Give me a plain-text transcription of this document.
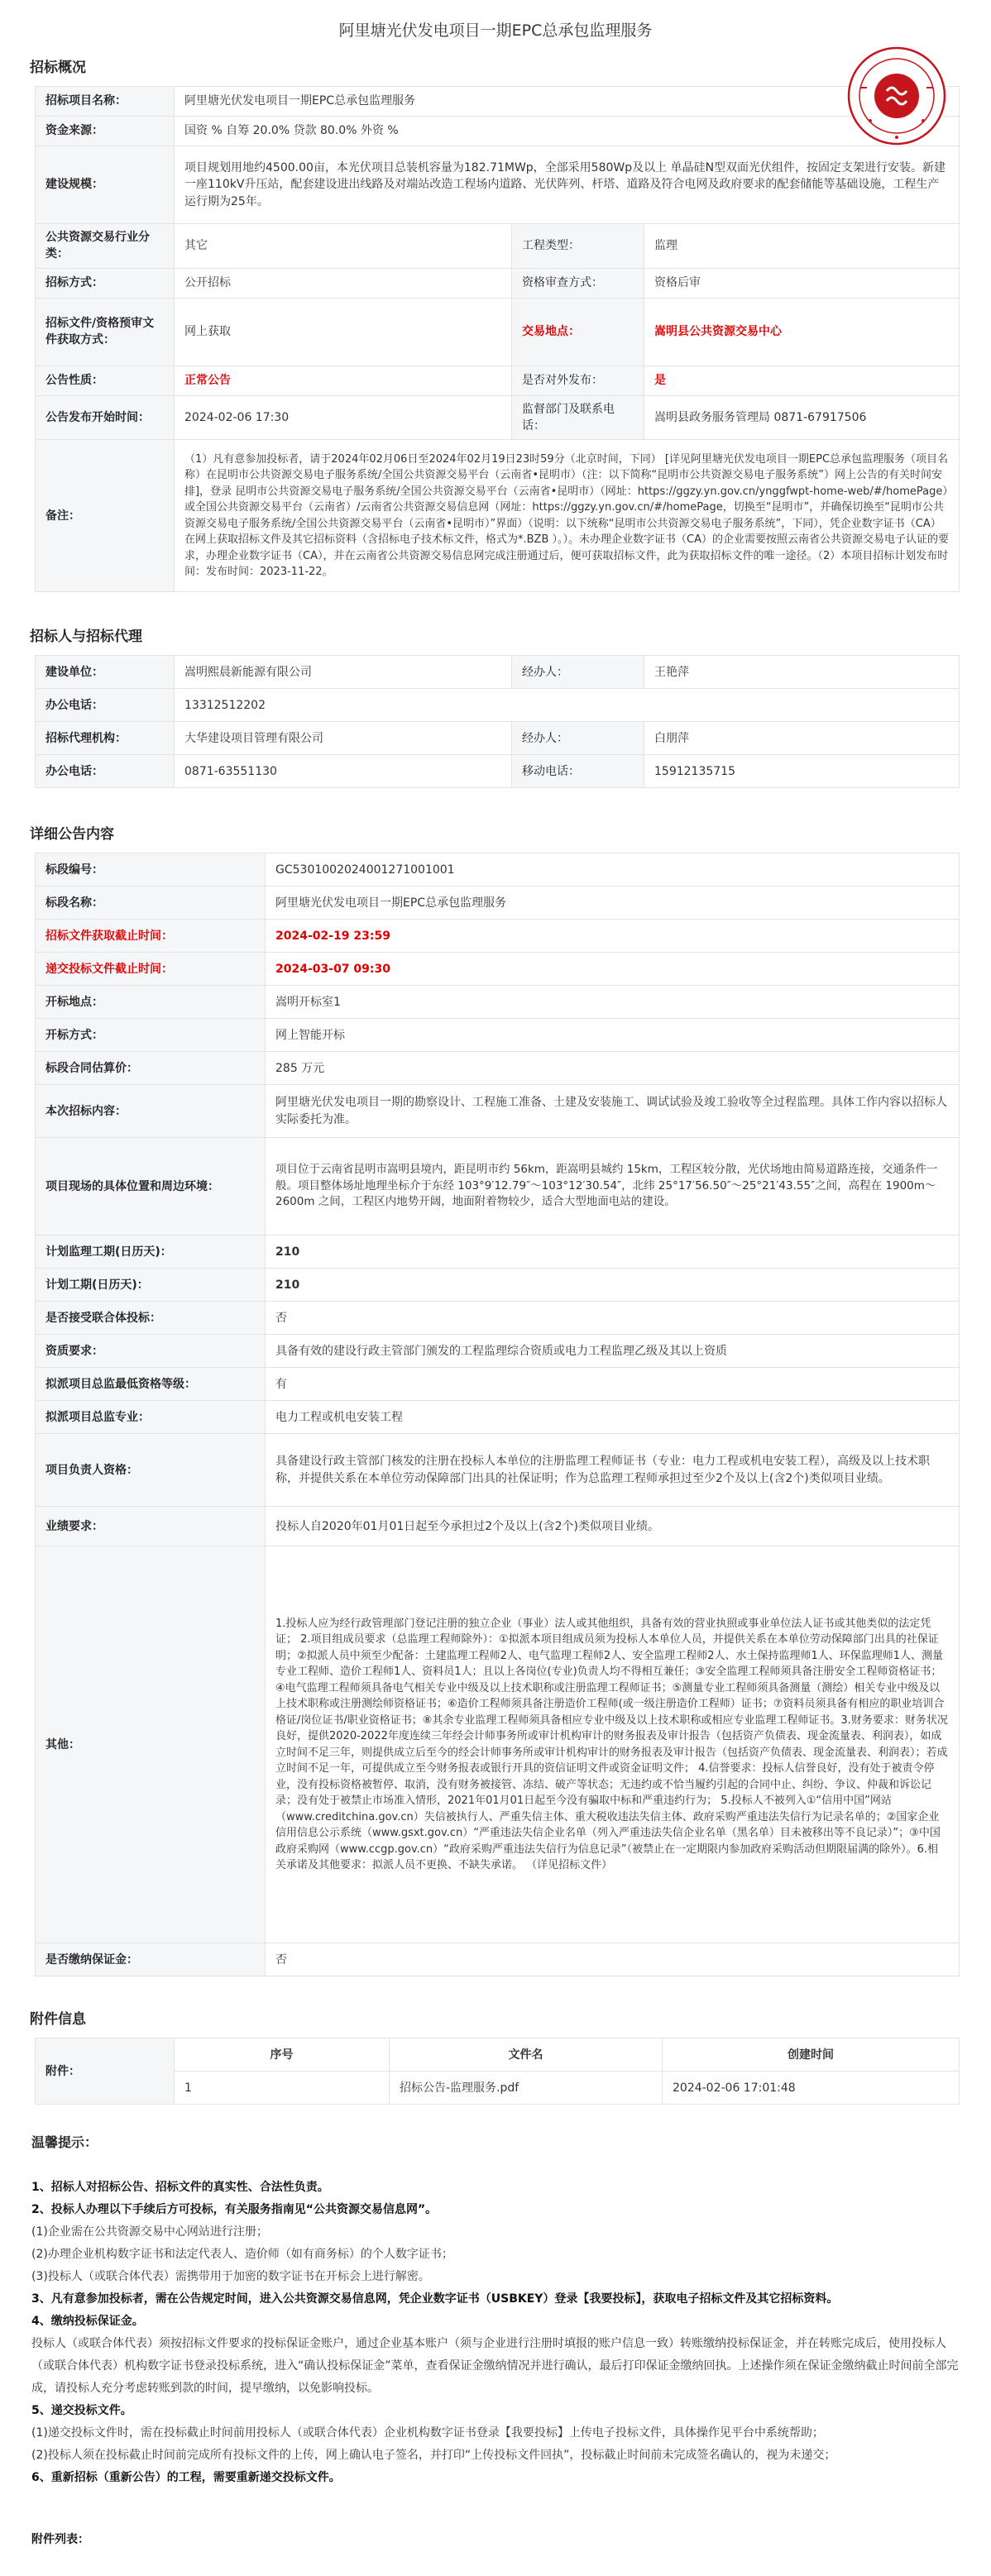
阿里塘光伏发电项目一期EPC总承包监理服务
招标概况
招标项目名称：	阿里塘光伏发电项目一期EPC总承包监理服务		
资金来源：	国资 % 自筹 20.0% 贷款 80.0% 外资 %		
建设规模：	项目规划用地约4500.00亩，本光伏项目总装机容量为182.71MWp，全部采用580Wp及以上 单晶硅N型双面光伏组件，按固定支架进行安装。新建一座110kV升压站，配套建设进出线路及对端站改造工程场内道路、光伏阵列、杆塔、道路及符合电网及政府要求的配套储能等基础设施，工程生产运行期为25年。		
公共资源交易行业分类：	其它	工程类型：	监理
招标方式：	公开招标	资格审查方式：	资格后审
招标文件/资格预审文件获取方式：	网上获取	交易地点：	嵩明县公共资源交易中心
公告性质：	正常公告	是否对外发布：	是
公告发布开始时间：	2024-02-06 17:30	监督部门及联系电话：	嵩明县政务服务管理局 0871-67917506
备注：	（1）凡有意参加投标者，请于2024年02月06日至2024年02月19日23时59分（北京时间，下同） [详见阿里塘光伏发电项目一期EPC总承包监理服务（项目名称）在昆明市公共资源交易电子服务系统/全国公共资源交易平台（云南省•昆明市）（注：以下简称“昆明市公共资源交易电子服务系统”）网上公告的有关时间安排]，登录 昆明市公共资源交易电子服务系统/全国公共资源交易平台（云南省•昆明市）（网址：https://ggzy.yn.gov.cn/ynggfwpt-home-web/#/homePage）或全国公共资源交易平台（云南省）/云南省公共资源交易信息网（网址：https://ggzy.yn.gov.cn/#/homePage，切换至“昆明市”，并确保切换至“昆明市公共资源交易电子服务系统/全国公共资源交易平台（云南省•昆明市）”界面）（说明：以下统称“昆明市公共资源交易电子服务系统”，下同），凭企业数字证书（CA）在网上获取招标文件及其它招标资料（含招标电子技术标文件，格式为*.BZB ）。）。未办理企业数字证书（CA）的企业需要按照云南省公共资源交易电子认证的要求，办理企业数字证书（CA），并在云南省公共资源交易信息网完成注册通过后，便可获取招标文件，此为获取招标文件的唯一途径。（2）本项目招标计划发布时间：发布时间：2023-11-22。		
招标人与招标代理
建设单位：	嵩明熙晨新能源有限公司	经办人：	王艳萍
办公电话：	13312512202		
招标代理机构：	大华建设项目管理有限公司	经办人：	白朋萍
办公电话：	0871-63551130	移动电话：	15912135715
详细公告内容
标段编号：	GC5301002024001271001001
标段名称：	阿里塘光伏发电项目一期EPC总承包监理服务
招标文件获取截止时间：	2024-02-19 23:59
递交投标文件截止时间：	2024-03-07 09:30
开标地点：	嵩明开标室1
开标方式：	网上智能开标
标段合同估算价：	285 万元
本次招标内容：	阿里塘光伏发电项目一期的勘察设计、工程施工准备、土建及安装施工、调试试验及竣工验收等全过程监理。具体工作内容以招标人实际委托为准。
项目现场的具体位置和周边环境：	项目位于云南省昆明市嵩明县境内，距昆明市约 56km，距嵩明县城约 15km，工程区较分散，光伏场地由简易道路连接，交通条件一般。项目整体场址地理坐标介于东经 103°9′12.79″～103°12′30.54″，北纬 25°17′56.50″～25°21′43.55″之间，高程在 1900m～2600m 之间，工程区内地势开阔，地面附着物较少，适合大型地面电站的建设。
计划监理工期(日历天)：	210
计划工期(日历天)：	210
是否接受联合体投标：	否
资质要求：	具备有效的建设行政主管部门颁发的工程监理综合资质或电力工程监理乙级及其以上资质
拟派项目总监最低资格等级：	有
拟派项目总监专业：	电力工程或机电安装工程
项目负责人资格：	具备建设行政主管部门核发的注册在投标人本单位的注册监理工程师证书（专业：电力工程或机电安装工程），高级及以上技术职称，并提供关系在本单位劳动保障部门出具的社保证明；作为总监理工程师承担过至少2个及以上(含2个)类似项目业绩。
业绩要求：	投标人自2020年01月01日起至今承担过2个及以上(含2个)类似项目业绩。
其他：	1.投标人应为经行政管理部门登记注册的独立企业（事业）法人或其他组织，具备有效的营业执照或事业单位法人证书或其他类似的法定凭证； 2.项目组成员要求（总监理工程师除外）：①拟派本项目组成员须为投标人本单位人员，并提供关系在本单位劳动保障部门出具的社保证明；②拟派人员中须至少配备：土建监理工程师2人、电气监理工程师2人、安全监理工程师2人、水土保持监理师1人、环保监理师1人、测量专业工程师、造价工程师1人、资料员1人；且以上各岗位(专业)负责人均不得相互兼任；③安全监理工程师须具备注册安全工程师资格证书；④电气监理工程师须具备电气相关专业中级及以上技术职称或注册监理工程师证书；⑤测量专业工程师须具备测量（测绘）相关专业中级及以上技术职称或注册测绘师资格证书；⑥造价工程师须具备注册造价工程师(或一级注册造价工程师）证书；⑦资料员须具备有相应的职业培训合格证/岗位证书/职业资格证书；⑧其余专业监理工程师须具备相应专业中级及以上技术职称或相应专业监理工程师证书。3.财务要求：财务状况良好，提供2020-2022年度连续三年经会计师事务所或审计机构审计的财务报表及审计报告（包括资产负债表、现金流量表、利润表），如成立时间不足三年，则提供成立后至今的经会计师事务所或审计机构审计的财务报表及审计报告（包括资产负债表、现金流量表、利润表）；若成立时间不足一年，可提供成立至今财务报表或银行开具的资信证明文件或资金证明文件； 4.信誉要求：投标人信誉良好，没有处于被责令停业，没有投标资格被暂停、取消，没有财务被接管、冻结、破产等状态；无违约或不恰当履约引起的合同中止、纠纷、争议、仲裁和诉讼记录；没有处于被禁止市场准入情形，2021年01月01日起至今没有骗取中标和严重违约行为； 5.投标人不被列入①“信用中国”网站（www.creditchina.gov.cn）失信被执行人、严重失信主体、重大税收违法失信主体、政府采购严重违法失信行为记录名单的；②国家企业信用信息公示系统（www.gsxt.gov.cn）“严重违法失信企业名单（列入严重违法失信企业名单（黑名单）目未被移出等不良记录）”；③中国政府采购网（www.ccgp.gov.cn）“政府采购严重违法失信行为信息记录”（被禁止在一定期限内参加政府采购活动但期限届满的除外）。6.相关承诺及其他要求：拟派人员不更换、不缺失承诺。 （详见招标文件）
是否缴纳保证金：	否
附件信息
附件：	序号	文件名	创建时间
	1	招标公告-监理服务.pdf	2024-02-06 17:01:48
温馨提示：
1、招标人对招标公告、招标文件的真实性、合法性负责。
2、投标人办理以下手续后方可投标，有关服务指南见“公共资源交易信息网”。
(1)企业需在公共资源交易中心网站进行注册；
(2)办理企业机构数字证书和法定代表人、造价师（如有商务标）的个人数字证书；
(3)投标人（或联合体代表）需携带用于加密的数字证书在开标会上进行解密。
3、凡有意参加投标者，需在公告规定时间，进入公共资源交易信息网，凭企业数字证书（USBKEY）登录【我要投标】，获取电子招标文件及其它招标资料。
4、缴纳投标保证金。
投标人（或联合体代表）须按招标文件要求的投标保证金账户，通过企业基本账户（须与企业进行注册时填报的账户信息一致）转账缴纳投标保证金，并在转账完成后，使用投标人（或联合体代表）机构数字证书登录投标系统，进入“确认投标保证金”菜单，查看保证金缴纳情况并进行确认，最后打印保证金缴纳回执。上述操作须在保证金缴纳截止时间前全部完成，请投标人充分考虑转账到款的时间，提早缴纳，以免影响投标。
5、递交投标文件。
(1)递交投标文件时，需在投标截止时间前用投标人（或联合体代表）企业机构数字证书登录【我要投标】上传电子投标文件，具体操作见平台中系统帮助；
(2)投标人须在投标截止时间前完成所有投标文件的上传，网上确认电子签名，并打印“上传投标文件回执”，投标截止时间前未完成签名确认的，视为未递交；
6、重新招标（重新公告）的工程，需要重新递交投标文件。
附件列表：
